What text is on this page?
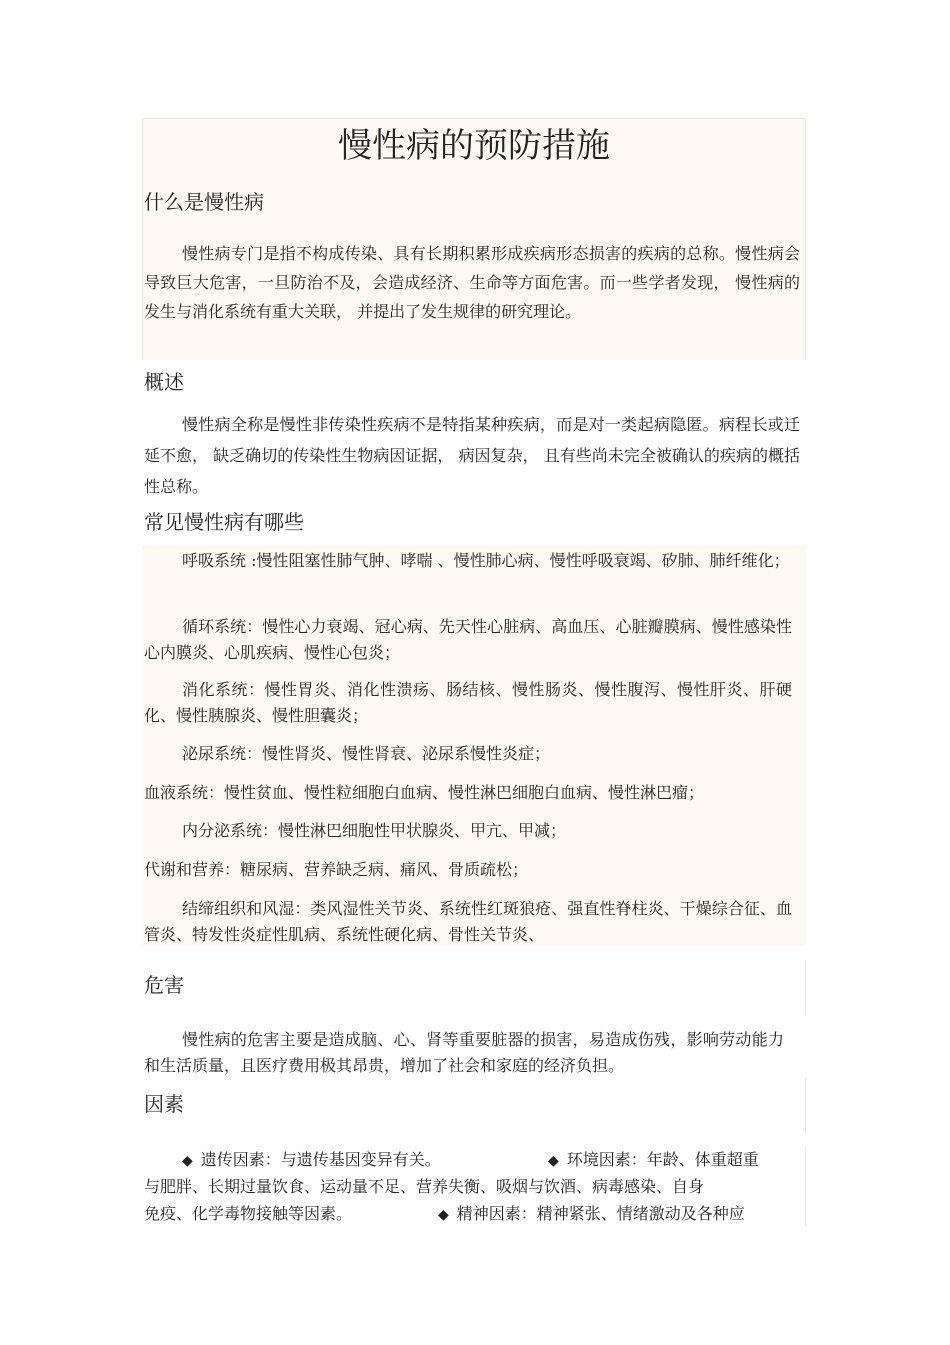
慢性病的预防措施
什么是慢性病

慢性病专门是指不构成传染、具有长期积累形成疾病形态损害的疾病的总称。慢性病会导致巨大危害，一旦防治不及，会造成经济、生命等方面危害。而一些学者发现， 慢性病的发生与消化系统有重大关联， 并提出了发生规律的研究理论。

概述

慢性病全称是慢性非传染性疾病不是特指某种疾病，而是对一类起病隐匿。病程长或迁延不愈， 缺乏确切的传染性生物病因证据， 病因复杂， 且有些尚未完全被确认的疾病的概括性总称。

常见慢性病有哪些

呼吸系统 :慢性阻塞性肺气肿、哮喘 、慢性肺心病、慢性呼吸衰竭、矽肺、肺纤维化；

循环系统：慢性心力衰竭、冠心病、先天性心脏病、高血压、心脏瓣膜病、慢性感染性心内膜炎、心肌疾病、慢性心包炎；

消化系统：慢性胃炎、消化性溃疡、肠结核、慢性肠炎、慢性腹泻、慢性肝炎、肝硬化、慢性胰腺炎、慢性胆囊炎；

泌尿系统：慢性肾炎、慢性肾衰、泌尿系慢性炎症；

血液系统：慢性贫血、慢性粒细胞白血病、慢性淋巴细胞白血病、慢性淋巴瘤；

内分泌系统：慢性淋巴细胞性甲状腺炎、甲亢、甲减；

代谢和营养：糖尿病、营养缺乏病、痛风、骨质疏松；

结缔组织和风湿：类风湿性关节炎、系统性红斑狼疮、强直性脊柱炎、干燥综合征、血管炎、特发性炎症性肌病、系统性硬化病、骨性关节炎、

危害

慢性病的危害主要是造成脑、心、肾等重要脏器的损害，易造成伤残，影响劳动能力和生活质量，且医疗费用极其昂贵，增加了社会和家庭的经济负担。

因素
◆ 遗传因素：与遗传基因变异有关。	◆ 环境因素：年龄、体重超重
与肥胖、长期过量饮食、运动量不足、营养失衡、吸烟与饮酒、病毒感染、自身
免疫、化学毒物接触等因素。	◆ 精神因素：精神紧张、情绪激动及各种应
